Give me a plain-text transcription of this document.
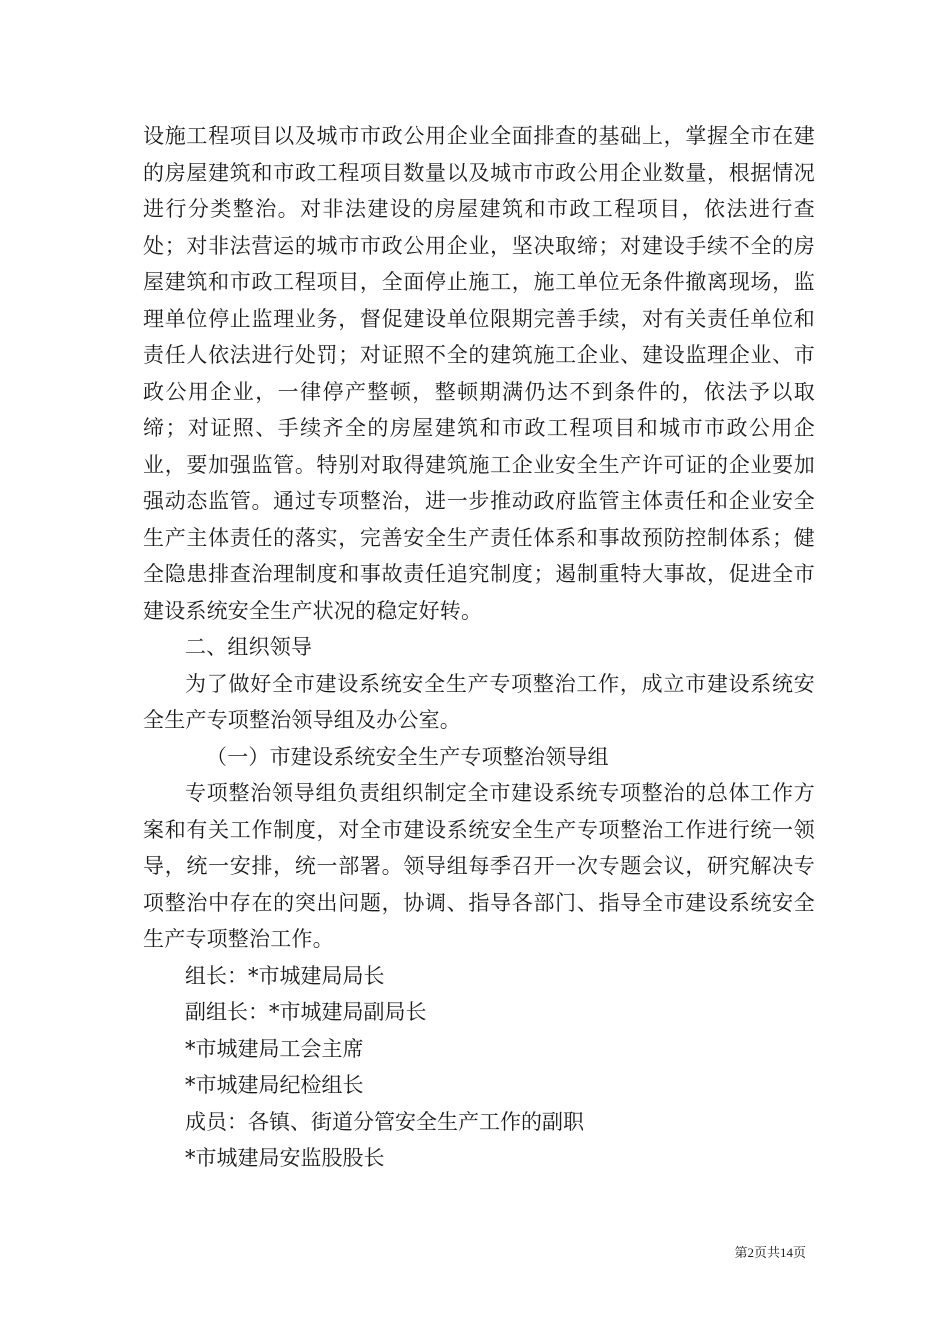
设施工程项目以及城市市政公用企业全面排查的基础上，掌握全市在建的房屋建筑和市政工程项目数量以及城市市政公用企业数量，根据情况进行分类整治。对非法建设的房屋建筑和市政工程项目，依法进行查处；对非法营运的城市市政公用企业，坚决取缔；对建设手续不全的房屋建筑和市政工程项目，全面停止施工，施工单位无条件撤离现场，监理单位停止监理业务，督促建设单位限期完善手续，对有关责任单位和责任人依法进行处罚；对证照不全的建筑施工企业、建设监理企业、市政公用企业，一律停产整顿，整顿期满仍达不到条件的，依法予以取缔；对证照、手续齐全的房屋建筑和市政工程项目和城市市政公用企业，要加强监管。特别对取得建筑施工企业安全生产许可证的企业要加强动态监管。通过专项整治，进一步推动政府监管主体责任和企业安全生产主体责任的落实，完善安全生产责任体系和事故预防控制体系；健全隐患排查治理制度和事故责任追究制度；遏制重特大事故，促进全市建设系统安全生产状况的稳定好转。

二、组织领导

为了做好全市建设系统安全生产专项整治工作，成立市建设系统安全生产专项整治领导组及办公室。

（一）市建设系统安全生产专项整治领导组

专项整治领导组负责组织制定全市建设系统专项整治的总体工作方案和有关工作制度，对全市建设系统安全生产专项整治工作进行统一领导，统一安排，统一部署。领导组每季召开一次专题会议，研究解决专项整治中存在的突出问题，协调、指导各部门、指导全市建设系统安全生产专项整治工作。

组长：*市城建局局长

副组长：*市城建局副局长

*市城建局工会主席

*市城建局纪检组长

成员：各镇、街道分管安全生产工作的副职

*市城建局安监股股长

第2页共14页
